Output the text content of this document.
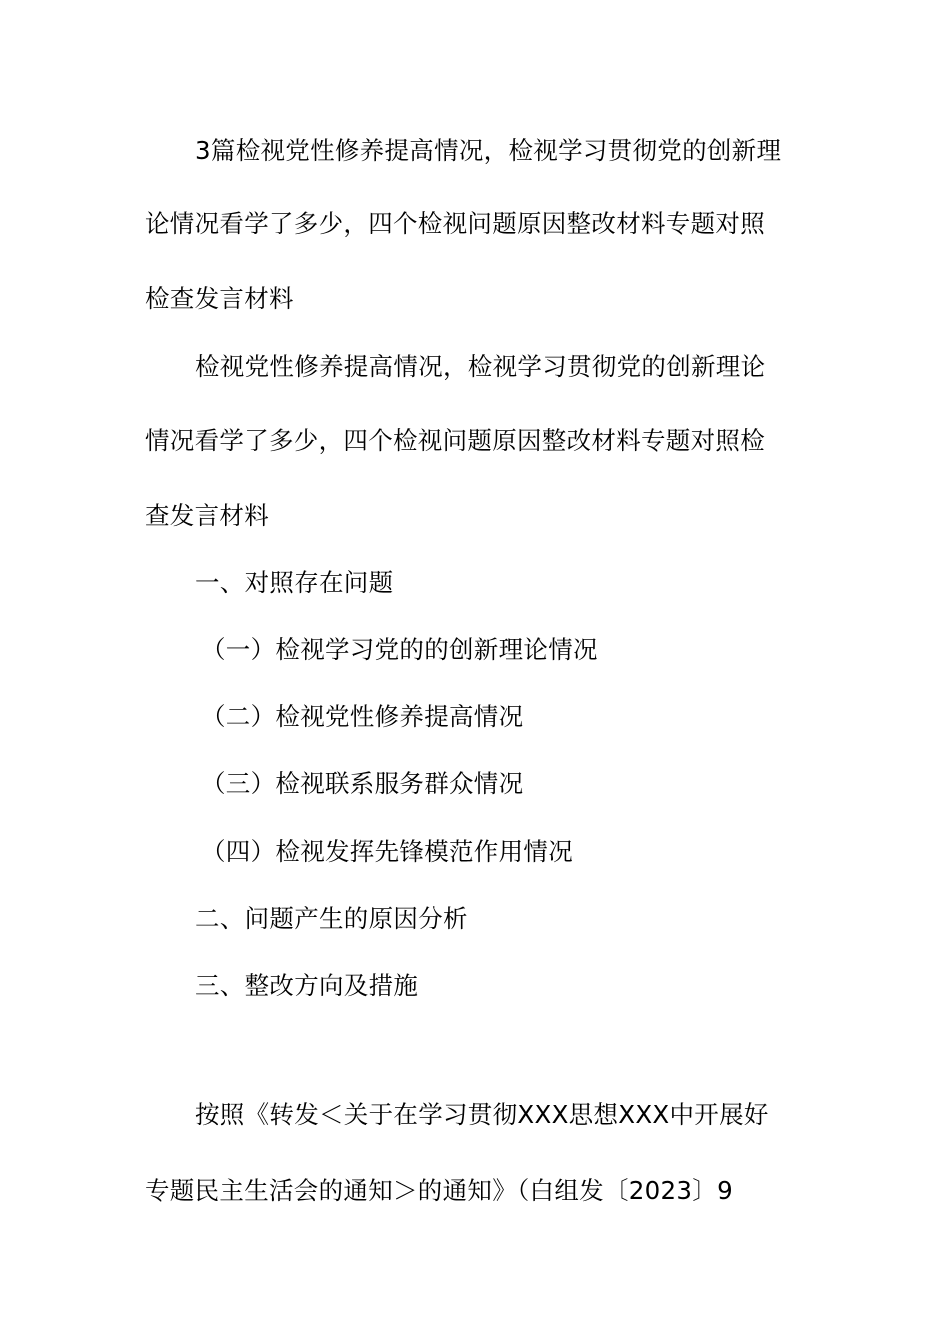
3篇检视党性修养提高情况，检视学习贯彻党的创新理

论情况看学了多少，四个检视问题原因整改材料专题对照

检查发言材料

检视党性修养提高情况，检视学习贯彻党的创新理论

情况看学了多少，四个检视问题原因整改材料专题对照检

查发言材料

一、对照存在问题

（一）检视学习党的的创新理论情况

（二）检视党性修养提高情况

（三）检视联系服务群众情况

（四）检视发挥先锋模范作用情况

二、问题产生的原因分析

三、整改方向及措施

按照《转发＜关于在学习贯彻XXX思想XXX中开展好

专题民主生活会的通知＞的通知》（白组发〔2023〕9
